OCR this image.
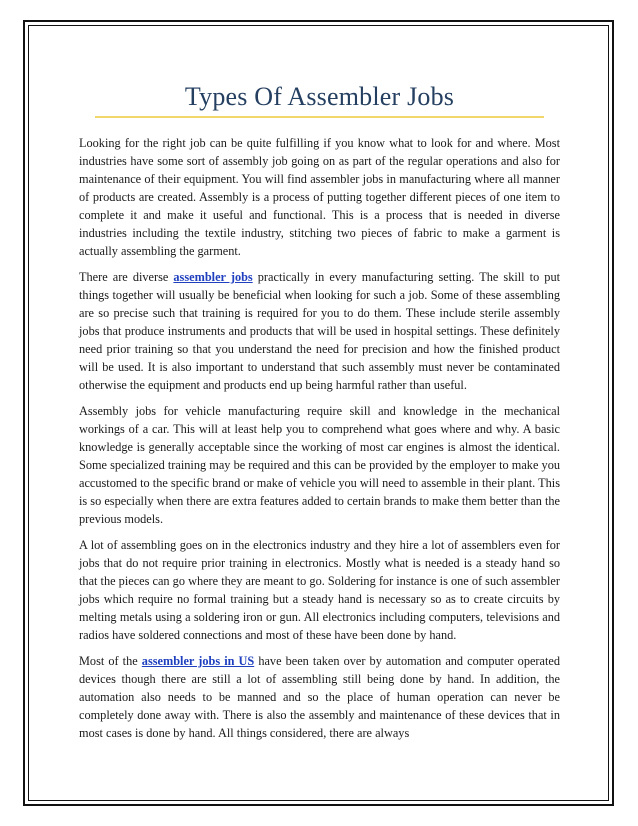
Types Of Assembler Jobs

Looking for the right job can be quite fulfilling if you know what to look for and where. Most industries have some sort of assembly job going on as part of the regular operations and also for maintenance of their equipment. You will find assembler jobs in manufacturing where all manner of products are created. Assembly is a process of putting together different pieces of one item to complete it and make it useful and functional. This is a process that is needed in diverse industries including the textile industry, stitching two pieces of fabric to make a garment is actually assembling the garment.

There are diverse assembler jobs practically in every manufacturing setting. The skill to put things together will usually be beneficial when looking for such a job. Some of these assembling are so precise such that training is required for you to do them. These include sterile assembly jobs that produce instruments and products that will be used in hospital settings. These definitely need prior training so that you understand the need for precision and how the finished product will be used. It is also important to understand that such assembly must never be contaminated otherwise the equipment and products end up being harmful rather than useful.

Assembly jobs for vehicle manufacturing require skill and knowledge in the mechanical workings of a car. This will at least help you to comprehend what goes where and why. A basic knowledge is generally acceptable since the working of most car engines is almost the identical. Some specialized training may be required and this can be provided by the employer to make you accustomed to the specific brand or make of vehicle you will need to assemble in their plant. This is so especially when there are extra features added to certain brands to make them better than the previous models.

A lot of assembling goes on in the electronics industry and they hire a lot of assemblers even for jobs that do not require prior training in electronics. Mostly what is needed is a steady hand so that the pieces can go where they are meant to go. Soldering for instance is one of such assembler jobs which require no formal training but a steady hand is necessary so as to create circuits by melting metals using a soldering iron or gun. All electronics including computers, televisions and radios have soldered connections and most of these have been done by hand.

Most of the assembler jobs in US have been taken over by automation and computer operated devices though there are still a lot of assembling still being done by hand. In addition, the automation also needs to be manned and so the place of human operation can never be completely done away with. There is also the assembly and maintenance of these devices that in most cases is done by hand. All things considered, there are always
